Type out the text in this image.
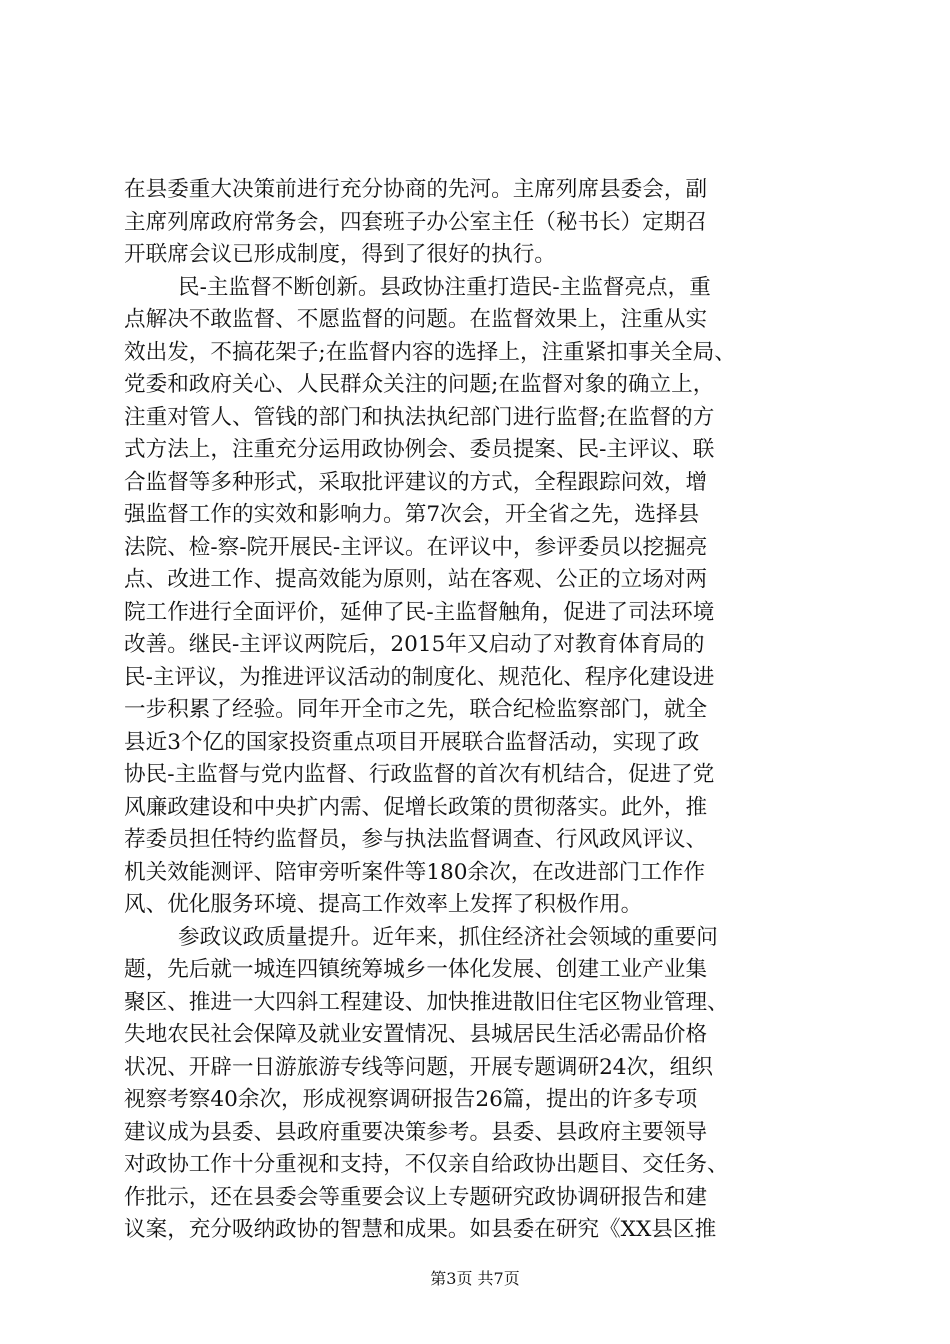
在县委重大决策前进行充分协商的先河。主席列席县委会，副
主席列席政府常务会，四套班子办公室主任（秘书长）定期召
开联席会议已形成制度，得到了很好的执行。
民-主监督不断创新。县政协注重打造民-主监督亮点，重
点解决不敢监督、不愿监督的问题。在监督效果上，注重从实
效出发，不搞花架子;在监督内容的选择上，注重紧扣事关全局、
党委和政府关心、人民群众关注的问题;在监督对象的确立上，
注重对管人、管钱的部门和执法执纪部门进行监督;在监督的方
式方法上，注重充分运用政协例会、委员提案、民-主评议、联
合监督等多种形式，采取批评建议的方式，全程跟踪问效，增
强监督工作的实效和影响力。第7次会，开全省之先，选择县
法院、检-察-院开展民-主评议。在评议中，参评委员以挖掘亮
点、改进工作、提高效能为原则，站在客观、公正的立场对两
院工作进行全面评价，延伸了民-主监督触角，促进了司法环境
改善。继民-主评议两院后，2015年又启动了对教育体育局的
民-主评议，为推进评议活动的制度化、规范化、程序化建设进
一步积累了经验。同年开全市之先，联合纪检监察部门，就全
县近3个亿的国家投资重点项目开展联合监督活动，实现了政
协民-主监督与党内监督、行政监督的首次有机结合，促进了党
风廉政建设和中央扩内需、促增长政策的贯彻落实。此外，推
荐委员担任特约监督员，参与执法监督调查、行风政风评议、
机关效能测评、陪审旁听案件等180余次，在改进部门工作作
风、优化服务环境、提高工作效率上发挥了积极作用。
参政议政质量提升。近年来，抓住经济社会领域的重要问
题，先后就一城连四镇统筹城乡一体化发展、创建工业产业集
聚区、推进一大四斜工程建设、加快推进散旧住宅区物业管理、
失地农民社会保障及就业安置情况、县城居民生活必需品价格
状况、开辟一日游旅游专线等问题，开展专题调研24次，组织
视察考察40余次，形成视察调研报告26篇，提出的许多专项
建议成为县委、县政府重要决策参考。县委、县政府主要领导
对政协工作十分重视和支持，不仅亲自给政协出题目、交任务、
作批示，还在县委会等重要会议上专题研究政协调研报告和建
议案，充分吸纳政协的智慧和成果。如县委在研究《XX县区推
第3页 共7页
